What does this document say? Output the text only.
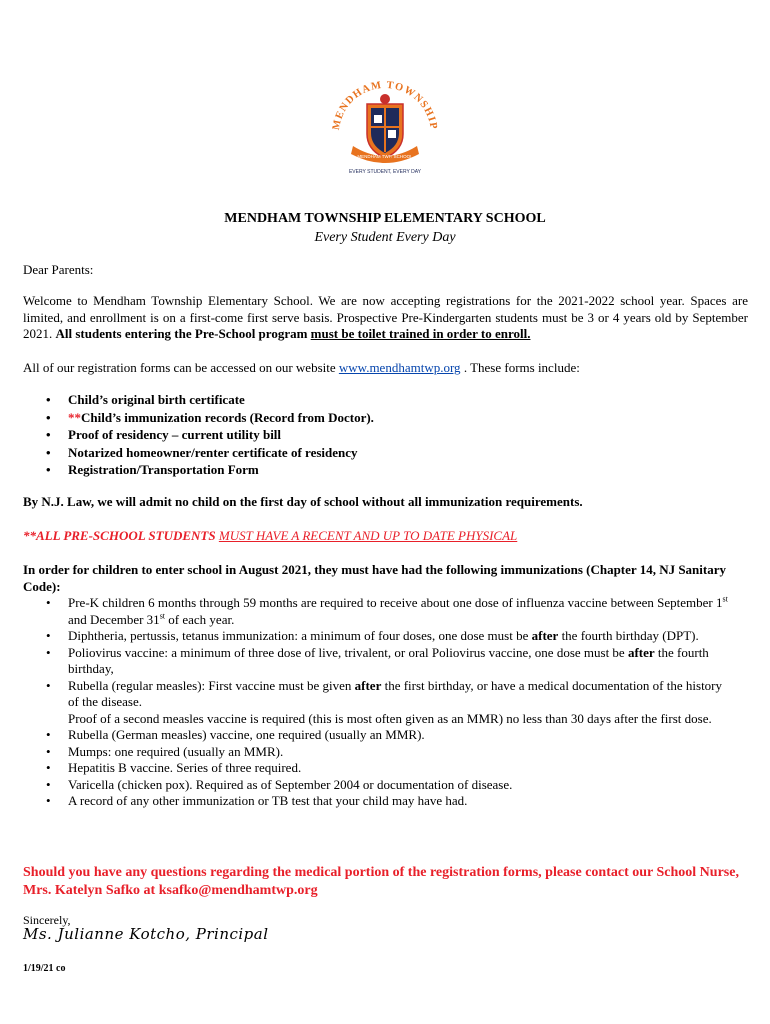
MENDHAM TOWNSHIP
MENDHAM TWP. SCHOOL
EVERY STUDENT, EVERY DAY
MENDHAM TOWNSHIP ELEMENTARY SCHOOL
Every Student Every Day
Dear Parents:
Welcome to Mendham Township Elementary School. We are now accepting registrations for the 2021-2022 school year. Spaces are limited, and enrollment is on a first-come first serve basis. Prospective Pre-Kindergarten students must be 3 or 4 years old by September 2021. All students entering the Pre-School program must be toilet trained in order to enroll.
All of our registration forms can be accessed on our website www.mendhamtwp.org . These forms include:
• Child’s original birth certificate
• **Child’s immunization records (Record from Doctor).
• Proof of residency – current utility bill
• Notarized homeowner/renter certificate of residency
• Registration/Transportation Form
By N.J. Law, we will admit no child on the first day of school without all immunization requirements.
**ALL PRE-SCHOOL STUDENTS MUST HAVE A RECENT AND UP TO DATE PHYSICAL
In order for children to enter school in August 2021, they must have had the following immunizations (Chapter 14, NJ Sanitary Code):
• Pre-K children 6 months through 59 months are required to receive about one dose of influenza vaccine between September 1st and December 31st of each year.
• Diphtheria, pertussis, tetanus immunization: a minimum of four doses, one dose must be after the fourth birthday (DPT).
• Poliovirus vaccine: a minimum of three dose of live, trivalent, or oral Poliovirus vaccine, one dose must be after the fourth birthday,
• Rubella (regular measles): First vaccine must be given after the first birthday, or have a medical documentation of the history of the disease.
Proof of a second measles vaccine is required (this is most often given as an MMR) no less than 30 days after the first dose.
• Rubella (German measles) vaccine, one required (usually an MMR).
• Mumps: one required (usually an MMR).
• Hepatitis B vaccine. Series of three required.
• Varicella (chicken pox). Required as of September 2004 or documentation of disease.
• A record of any other immunization or TB test that your child may have had.
Should you have any questions regarding the medical portion of the registration forms, please contact our School Nurse, Mrs. Katelyn Safko at ksafko@mendhamtwp.org
Sincerely,
Ms. Julianne Kotcho, Principal
1/19/21 co
